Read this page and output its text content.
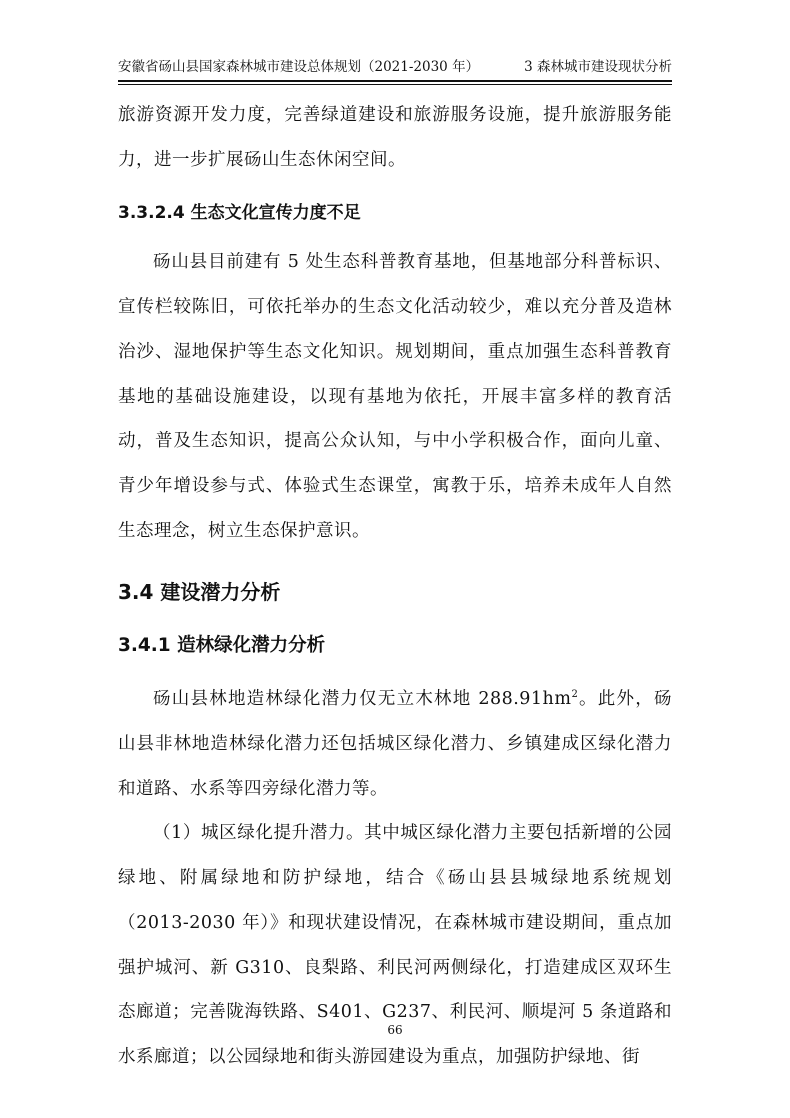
安徽省砀山县国家森林城市建设总体规划（2021-2030 年）	3 森林城市建设现状分析

旅游资源开发力度，完善绿道建设和旅游服务设施，提升旅游服务能力，进一步扩展砀山生态休闲空间。

3.3.2.4 生态文化宣传力度不足

砀山县目前建有 5 处生态科普教育基地，但基地部分科普标识、宣传栏较陈旧，可依托举办的生态文化活动较少，难以充分普及造林治沙、湿地保护等生态文化知识。规划期间，重点加强生态科普教育基地的基础设施建设，以现有基地为依托，开展丰富多样的教育活动，普及生态知识，提高公众认知，与中小学积极合作，面向儿童、青少年增设参与式、体验式生态课堂，寓教于乐，培养未成年人自然生态理念，树立生态保护意识。

3.4 建设潜力分析
3.4.1 造林绿化潜力分析

砀山县林地造林绿化潜力仅无立木林地 $288.91hm^2$。此外，砀山县非林地造林绿化潜力还包括城区绿化潜力、乡镇建成区绿化潜力和道路、水系等四旁绿化潜力等。

（1）城区绿化提升潜力。其中城区绿化潜力主要包括新增的公园绿地、附属绿地和防护绿地，结合《砀山县县城绿地系统规划（2013-2030 年）》和现状建设情况，在森林城市建设期间，重点加强护城河、新 G310、良梨路、利民河两侧绿化，打造建成区双环生态廊道；完善陇海铁路、S401、G237、利民河、顺堤河 5 条道路和水系廊道；以公园绿地和街头游园建设为重点，加强防护绿地、街

66
